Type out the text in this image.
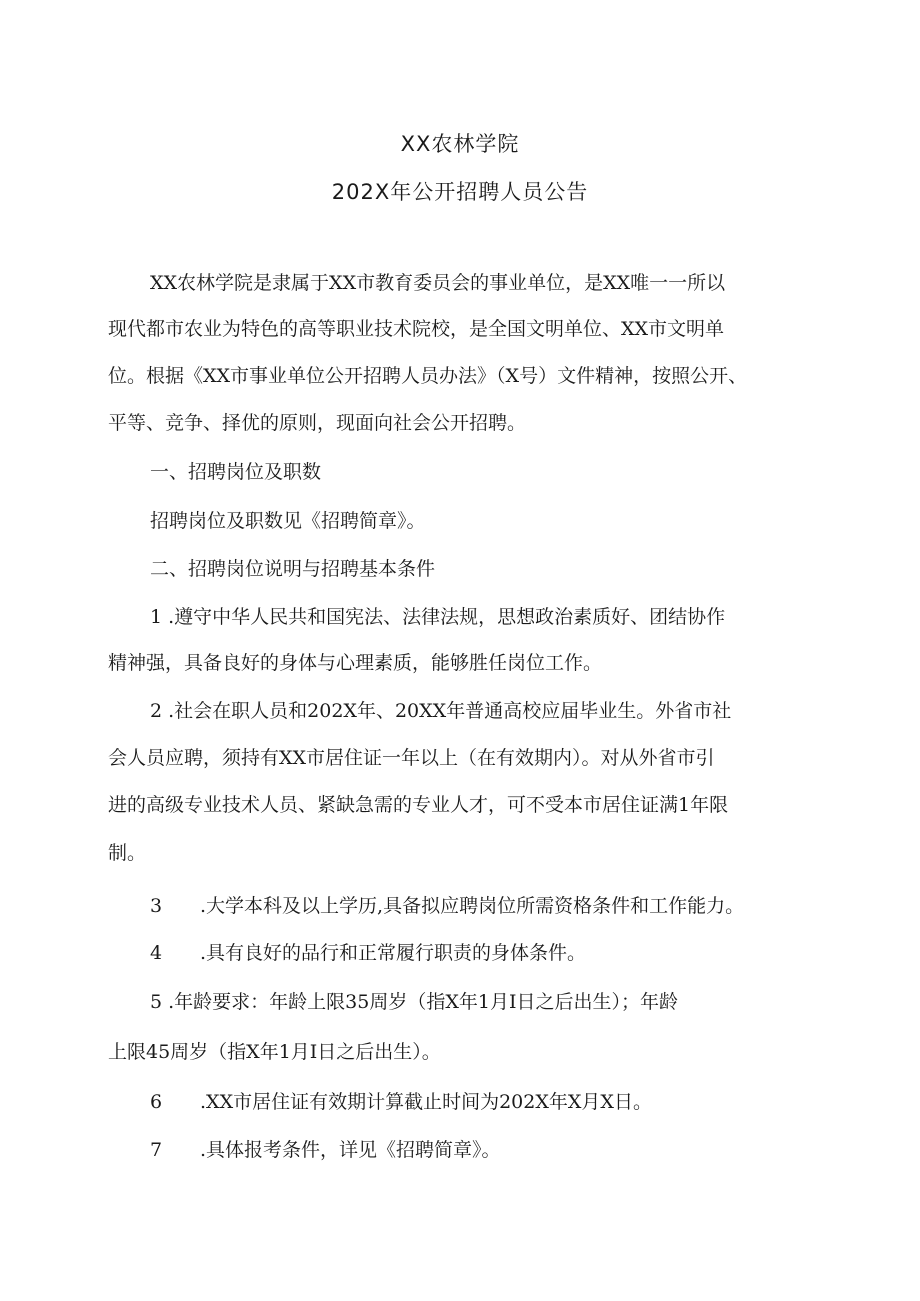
XX农林学院
202X年公开招聘人员公告
XX农林学院是隶属于XX市教育委员会的事业单位，是XX唯一一所以
现代都市农业为特色的高等职业技术院校，是全国文明单位、XX市文明单
位。根据《XX市事业单位公开招聘人员办法》（X号）文件精神，按照公开、
平等、竞争、择优的原则，现面向社会公开招聘。
一、招聘岗位及职数
招聘岗位及职数见《招聘简章》。
二、招聘岗位说明与招聘基本条件
1 .遵守中华人民共和国宪法、法律法规，思想政治素质好、团结协作
精神强，具备良好的身体与心理素质，能够胜任岗位工作。
2 .社会在职人员和202X年、20XX年普通高校应届毕业生。外省市社
会人员应聘，须持有XX市居住证一年以上（在有效期内）。对从外省市引
进的高级专业技术人员、紧缺急需的专业人才，可不受本市居住证满1年限
制。
3 .大学本科及以上学历,具备拟应聘岗位所需资格条件和工作能力。
4 .具有良好的品行和正常履行职责的身体条件。
5 .年龄要求：年龄上限35周岁（指X年1月I日之后出生）；年龄
上限45周岁（指X年1月I日之后出生）。
6 .XX市居住证有效期计算截止时间为202X年X月X日。
7 .具体报考条件，详见《招聘简章》。
